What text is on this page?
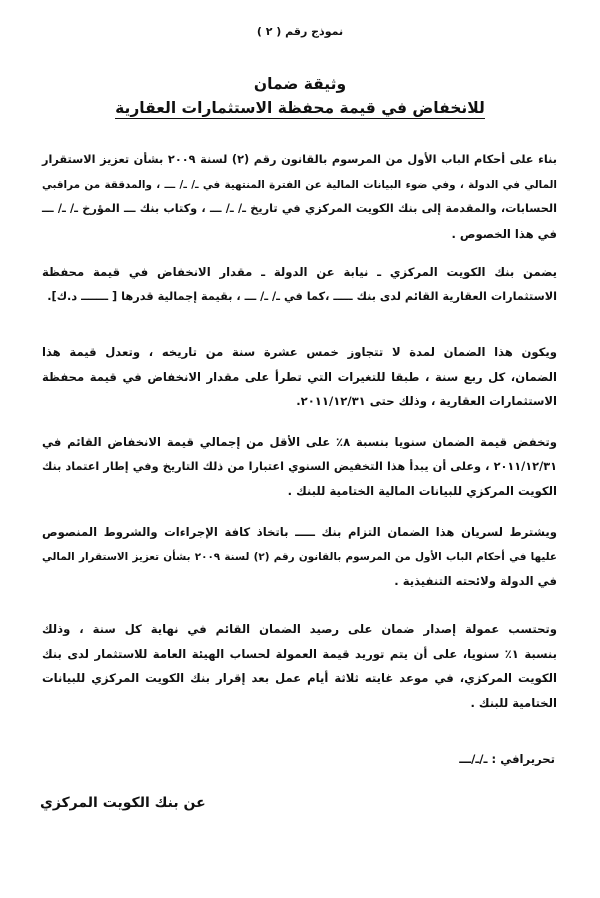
نموذج رقم ( ٢ )
وثيقة ضمان
للانخفاض في قيمة محفظة الاستثمارات العقارية
بناء على أحكام الباب الأول من المرسوم بالقانون رقم (٢) لسنة ٢٠٠٩ بشأن تعزيز الاستقرار
المالي في الدولة ، وفي ضوء البيانات المالية عن الفترة المنتهية في ـ/ ـ/ ـــ ، والمدققة من مراقبي
الحسابات، والمقدمة إلى بنك الكويت المركزي في تاريخ ـ/ ـ/ ـــ ، وكتاب بنك ـــ المؤرخ ـ/ ـ/ ـــ
في هذا الخصوص .
يضمن بنك الكويت المركزي ـ نيابة عن الدولة ـ مقدار الانخفاض في قيمة محفظة
الاستثمارات العقارية القائم لدى بنك ـــــ ،كما في ـ/ ـ/ ـــ ، بقيمة إجمالية قدرها [ ـــــــ د.ك].
ويكون هذا الضمان لمدة لا تتجاوز خمس عشرة سنة من تاريخه ، وتعدل قيمة هذا
الضمان، كل ربع سنة ، طبقا للتغيرات التي تطرأ على مقدار الانخفاض في قيمة محفظة
الاستثمارات العقارية ، وذلك حتى ٢٠١١/١٢/٣١.
وتخفض قيمة الضمان سنويا بنسبة ٨٪ على الأقل من إجمالي قيمة الانخفاض القائم في
٢٠١١/١٢/٣١ ، وعلى أن يبدأ هذا التخفيض السنوي اعتبارا من ذلك التاريخ وفي إطار اعتماد بنك
الكويت المركزي للبيانات المالية الختامية للبنك .
ويشترط لسريان هذا الضمان التزام بنك ـــــ باتخاذ كافة الإجراءات والشروط المنصوص
عليها في أحكام الباب الأول من المرسوم بالقانون رقم (٢) لسنة ٢٠٠٩ بشأن تعزيز الاستقرار المالي
في الدولة ولائحته التنفيذية .
وتحتسب عمولة إصدار ضمان على رصيد الضمان القائم في نهاية كل سنة ، وذلك
بنسبة ١٪ سنويا، على أن يتم توريد قيمة العمولة لحساب الهيئة العامة للاستثمار لدى بنك
الكويت المركزي، في موعد غايته ثلاثة أيام عمل بعد إقرار بنك الكويت المركزي للبيانات
الختامية للبنك .
تحريرافي : ـ/ـ/ـــ
عن بنك الكويت المركزي
